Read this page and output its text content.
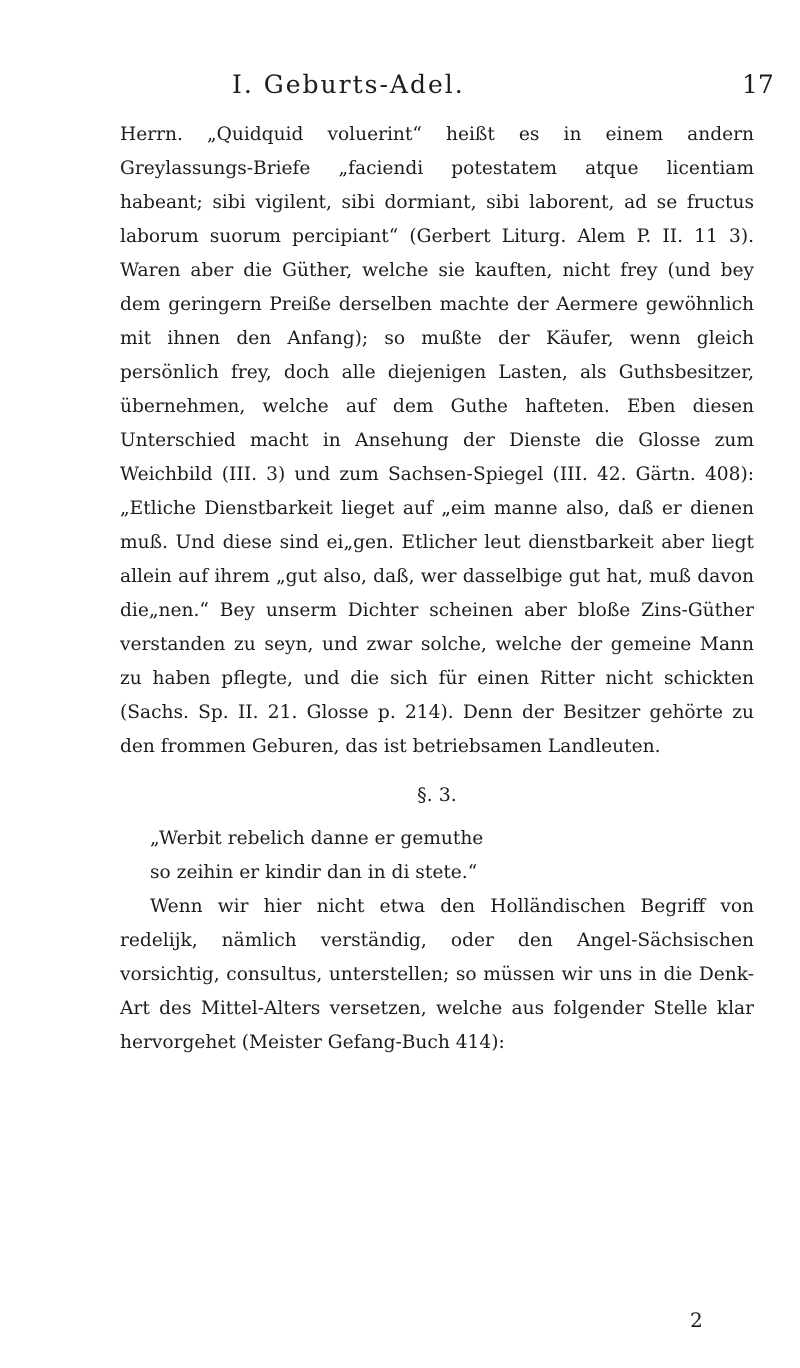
I. Geburts-Adel.	17

Herrn. „Quidquid voluerint“ heißt es in einem andern Greylassungs-Briefe „faciendi potestatem atque licentiam habeant; sibi vigilent, sibi dormiant, sibi laborent, ad se fructus laborum suorum percipiant“ (Gerbert Liturg. Alem P. II. 11 3). Waren aber die Güther, welche sie kauften, nicht frey (und bey dem geringern Preiße derselben machte der Aermere gewöhnlich mit ihnen den Anfang); so mußte der Käufer, wenn gleich persönlich frey, doch alle diejenigen Lasten, als Guthsbesitzer, übernehmen, welche auf dem Guthe hafteten. Eben diesen Unterschied macht in Ansehung der Dienste die Glosse zum Weichbild (III. 3) und zum Sachsen-Spiegel (III. 42. Gärtn. 408): „Etliche Dienstbarkeit lieget auf „eim manne also, daß er dienen muß. Und diese sind ei„gen. Etlicher leut dienstbarkeit aber liegt allein auf ihrem „gut also, daß, wer dasselbige gut hat, muß davon die„nen.“ Bey unserm Dichter scheinen aber bloße Zins-Güther verstanden zu seyn, und zwar solche, welche der gemeine Mann zu haben pflegte, und die sich für einen Ritter nicht schickten (Sachs. Sp. II. 21. Glosse p. 214). Denn der Besitzer gehörte zu den frommen Geburen, das ist betriebsamen Landleuten.

§. 3.
„Werbit rebelich danne er gemuthe
so zeihin er kindir dan in di stete.“

Wenn wir hier nicht etwa den Holländischen Begriff von redelijk, nämlich verständig, oder den Angel-Sächsischen vorsichtig, consultus, unterstellen; so müssen wir uns in die Denk-Art des Mittel-Alters versetzen, welche aus folgender Stelle klar hervorgehet (Meister Gefang-Buch 414):

2
